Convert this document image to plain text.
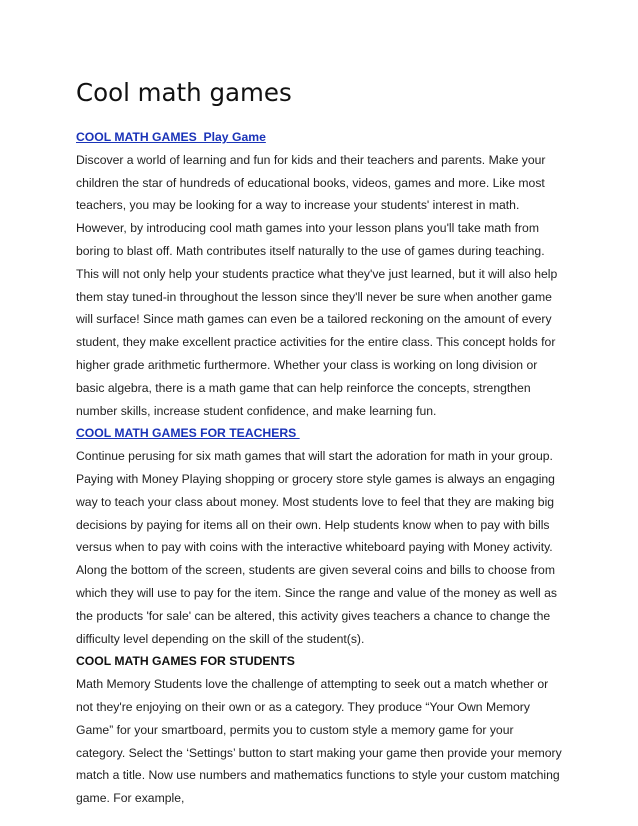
Cool math games
COOL MATH GAMES  Play Game

Discover a world of learning and fun for kids and their teachers and parents. Make your children the star of hundreds of educational books, videos, games and more. Like most teachers, you may be looking for a way to increase your students' interest in math. However, by introducing cool math games into your lesson plans you'll take math from boring to blast off. Math contributes itself naturally to the use of games during teaching. This will not only help your students practice what they've just learned, but it will also help them stay tuned-in throughout the lesson since they'll never be sure when another game will surface! Since math games can even be a tailored reckoning on the amount of every student, they make excellent practice activities for the entire class. This concept holds for higher grade arithmetic furthermore. Whether your class is working on long division or basic algebra, there is a math game that can help reinforce the concepts, strengthen number skills, increase student confidence, and make learning fun.

COOL MATH GAMES FOR TEACHERS

Continue perusing for six math games that will start the adoration for math in your group. Paying with Money Playing shopping or grocery store style games is always an engaging way to teach your class about money. Most students love to feel that they are making big decisions by paying for items all on their own. Help students know when to pay with bills versus when to pay with coins with the interactive whiteboard paying with Money activity. Along the bottom of the screen, students are given several coins and bills to choose from which they will use to pay for the item. Since the range and value of the money as well as the products 'for sale' can be altered, this activity gives teachers a chance to change the difficulty level depending on the skill of the student(s).

COOL MATH GAMES FOR STUDENTS

Math Memory Students love the challenge of attempting to seek out a match whether or not they're enjoying on their own or as a category. They produce “Your Own Memory Game” for your smartboard, permits you to custom style a memory game for your category. Select the ‘Settings’ button to start making your game then provide your memory match a title. Now use numbers and mathematics functions to style your custom matching game. For example,
